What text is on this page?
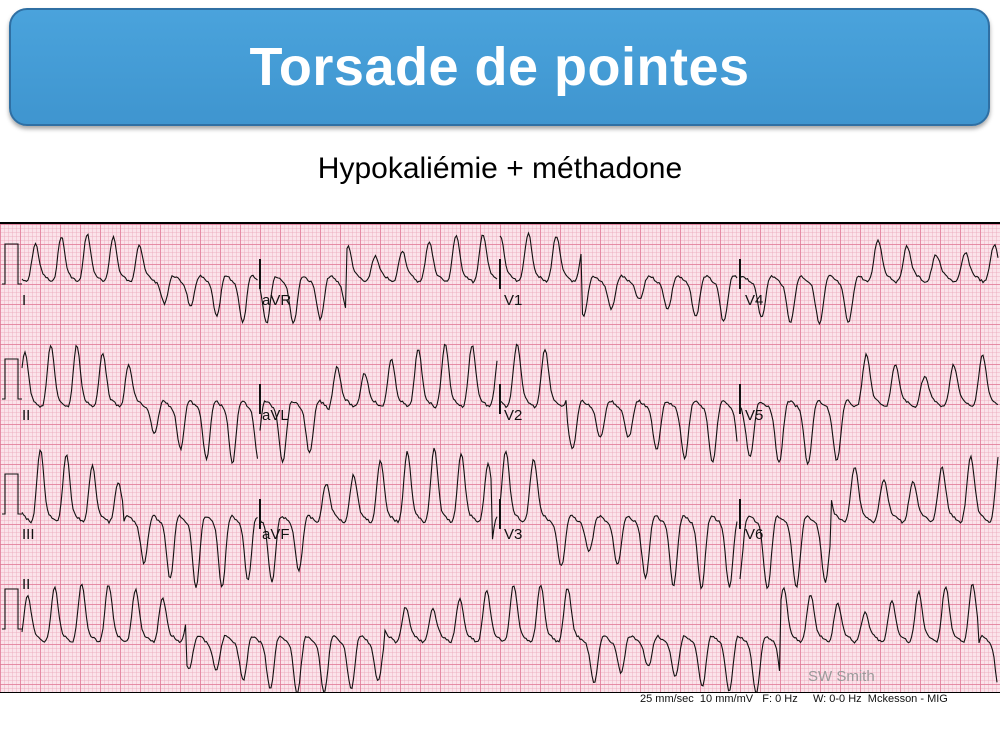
Torsade de pointes
Hypokaliémie + méthadone
I	aVR	V1	V4
II	aVL	V2	V5
III	aVF	V3	V6
II
SW Smith
25 mm/sec  10 mm/mV   F: 0 Hz     W: 0-0 Hz  Mckesson - MIG
